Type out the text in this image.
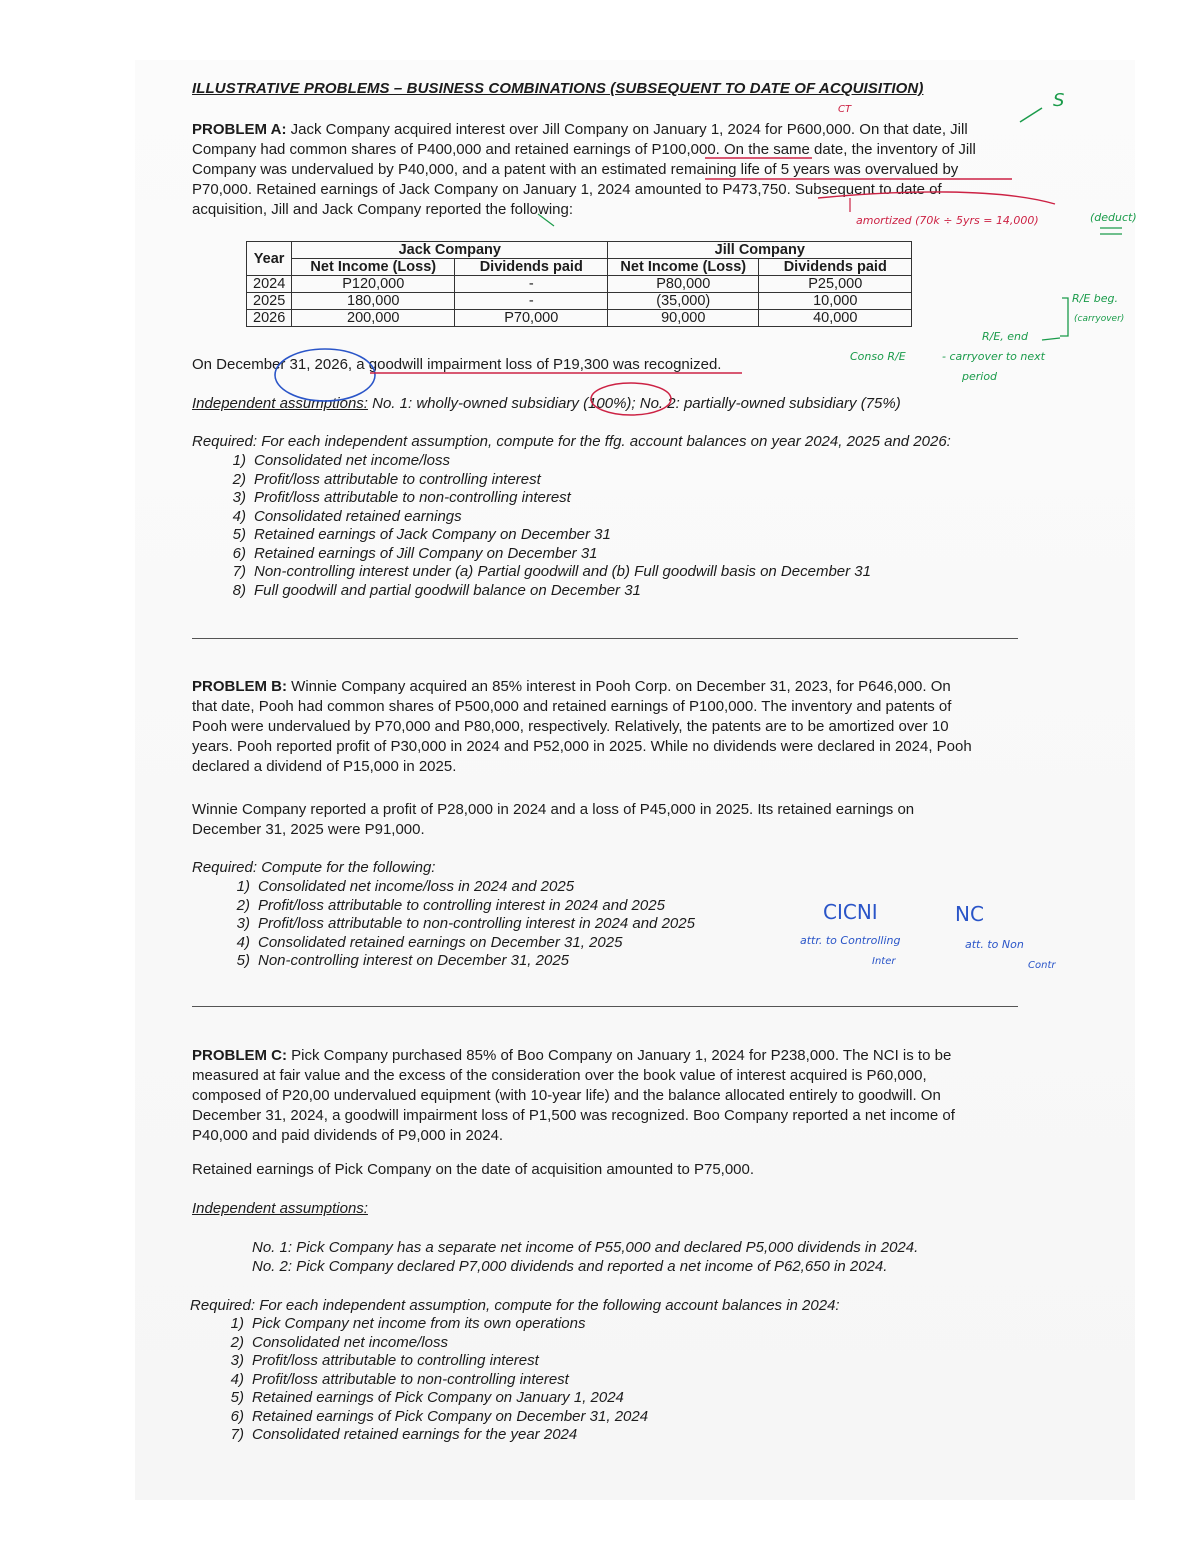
ILLUSTRATIVE PROBLEMS – BUSINESS COMBINATIONS (SUBSEQUENT TO DATE OF ACQUISITION)
PROBLEM A: Jack Company acquired interest over Jill Company on January 1, 2024 for P600,000. On that date, Jill
Company had common shares of P400,000 and retained earnings of P100,000. On the same date, the inventory of Jill
Company was undervalued by P40,000, and a patent with an estimated remaining life of 5 years was overvalued by
P70,000. Retained earnings of Jack Company on January 1, 2024 amounted to P473,750. Subsequent to date of
acquisition, Jill and Jack Company reported the following:
Year	Jack Company		Jill Company	
	Net Income (Loss)	Dividends paid	Net Income (Loss)	Dividends paid
2024	P120,000	-	P80,000	P25,000
2025	180,000	-	(35,000)	10,000
2026	200,000	P70,000	90,000	40,000
On December 31, 2026, a goodwill impairment loss of P19,300 was recognized.
Independent assumptions: No. 1: wholly-owned subsidiary (100%); No. 2: partially-owned subsidiary (75%)
Required: For each independent assumption, compute for the ffg. account balances on year 2024, 2025 and 2026:
1) Consolidated net income/loss
2) Profit/loss attributable to controlling interest
3) Profit/loss attributable to non-controlling interest
4) Consolidated retained earnings
5) Retained earnings of Jack Company on December 31
6) Retained earnings of Jill Company on December 31
7) Non-controlling interest under (a) Partial goodwill and (b) Full goodwill basis on December 31
8) Full goodwill and partial goodwill balance on December 31
PROBLEM B: Winnie Company acquired an 85% interest in Pooh Corp. on December 31, 2023, for P646,000. On
that date, Pooh had common shares of P500,000 and retained earnings of P100,000. The inventory and patents of
Pooh were undervalued by P70,000 and P80,000, respectively. Relatively, the patents are to be amortized over 10
years. Pooh reported profit of P30,000 in 2024 and P52,000 in 2025. While no dividends were declared in 2024, Pooh
declared a dividend of P15,000 in 2025.
Winnie Company reported a profit of P28,000 in 2024 and a loss of P45,000 in 2025. Its retained earnings on
December 31, 2025 were P91,000.
Required: Compute for the following:
1) Consolidated net income/loss in 2024 and 2025
2) Profit/loss attributable to controlling interest in 2024 and 2025
3) Profit/loss attributable to non-controlling interest in 2024 and 2025
4) Consolidated retained earnings on December 31, 2025
5) Non-controlling interest on December 31, 2025
PROBLEM C: Pick Company purchased 85% of Boo Company on January 1, 2024 for P238,000. The NCI is to be
measured at fair value and the excess of the consideration over the book value of interest acquired is P60,000,
composed of P20,00 undervalued equipment (with 10-year life) and the balance allocated entirely to goodwill. On
December 31, 2024, a goodwill impairment loss of P1,500 was recognized. Boo Company reported a net income of
P40,000 and paid dividends of P9,000 in 2024.
Retained earnings of Pick Company on the date of acquisition amounted to P75,000.
Independent assumptions:
No. 1: Pick Company has a separate net income of P55,000 and declared P5,000 dividends in 2024.
No. 2: Pick Company declared P7,000 dividends and reported a net income of P62,650 in 2024.
Required: For each independent assumption, compute for the following account balances in 2024:
1) Pick Company net income from its own operations
2) Consolidated net income/loss
3) Profit/loss attributable to controlling interest
4) Profit/loss attributable to non-controlling interest
5) Retained earnings of Pick Company on January 1, 2024
6) Retained earnings of Pick Company on December 31, 2024
7) Consolidated retained earnings for the year 2024
S
CT
amortized (70k ÷ 5yrs = 14,000)	(deduct)
R/E beg.
(carryover)
R/E, end
Conso R/E	- carryover to next
period
CICNI
attr. to Controlling
Inter
NC
att. to Non
Contr
